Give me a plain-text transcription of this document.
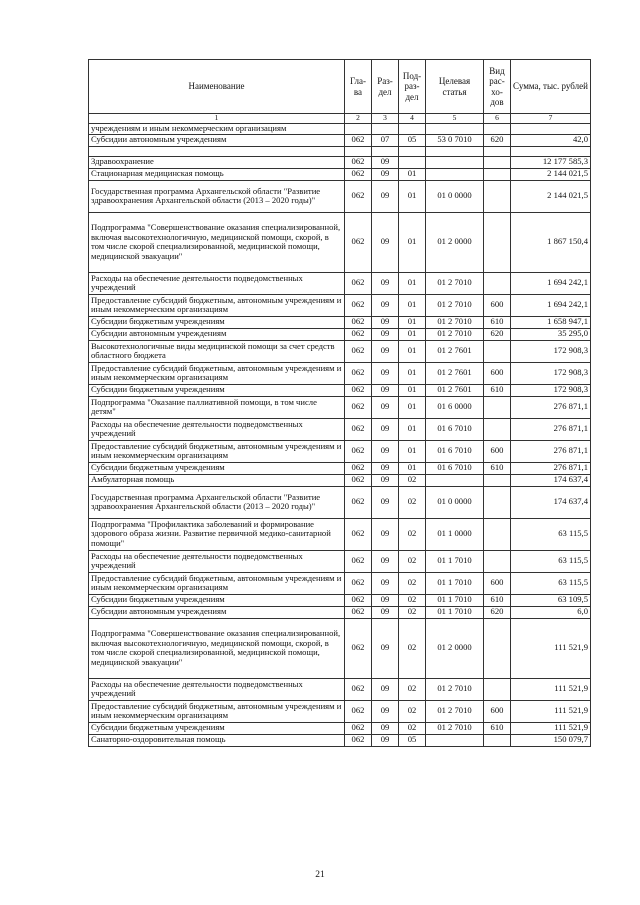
Наименование	Гла-ва	Раз-дел	Под-раз-дел	Целевая статья	Вид рас-хо-дов	Сумма, тыс. рублей
1	2	3	4	5	6	7
учреждениям и иным некоммерческим организациям						
Субсидии автономным учреждениям	062	07	05	53 0 7010	620	42,0

Здравоохранение	062	09				12 177 585,3
Стационарная медицинская помощь	062	09	01			2 144 021,5
Государственная программа Архангельской области "Развитие здравоохранения Архангельской области (2013 – 2020 годы)"	062	09	01	01 0 0000		2 144 021,5
Подпрограмма "Совершенствование оказания специализированной, включая высокотехнологичную, медицинской помощи, скорой, в том числе скорой специализированной, медицинской помощи, медицинской эвакуации"	062	09	01	01 2 0000		1 867 150,4
Расходы на обеспечение деятельности подведомственных учреждений	062	09	01	01 2 7010		1 694 242,1
Предоставление субсидий бюджетным, автономным учреждениям и иным некоммерческим организациям	062	09	01	01 2 7010	600	1 694 242,1
Субсидии бюджетным учреждениям	062	09	01	01 2 7010	610	1 658 947,1
Субсидии автономным учреждениям	062	09	01	01 2 7010	620	35 295,0
Высокотехнологичные виды медицинской помощи за счет средств областного бюджета	062	09	01	01 2 7601		172 908,3
Предоставление субсидий бюджетным, автономным учреждениям и иным некоммерческим организациям	062	09	01	01 2 7601	600	172 908,3
Субсидии бюджетным учреждениям	062	09	01	01 2 7601	610	172 908,3
Подпрограмма "Оказание паллиативной помощи, в том числе детям"	062	09	01	01 6 0000		276 871,1
Расходы на обеспечение деятельности подведомственных учреждений	062	09	01	01 6 7010		276 871,1
Предоставление субсидий бюджетным, автономным учреждениям и иным некоммерческим организациям	062	09	01	01 6 7010	600	276 871,1
Субсидии бюджетным учреждениям	062	09	01	01 6 7010	610	276 871,1
Амбулаторная помощь	062	09	02			174 637,4
Государственная программа Архангельской области "Развитие здравоохранения Архангельской области (2013 – 2020 годы)"	062	09	02	01 0 0000		174 637,4
Подпрограмма "Профилактика заболеваний и формирование здорового образа жизни. Развитие первичной медико-санитарной помощи"	062	09	02	01 1 0000		63 115,5
Расходы на обеспечение деятельности подведомственных учреждений	062	09	02	01 1 7010		63 115,5
Предоставление субсидий бюджетным, автономным учреждениям и иным некоммерческим организациям	062	09	02	01 1 7010	600	63 115,5
Субсидии бюджетным учреждениям	062	09	02	01 1 7010	610	63 109,5
Субсидии автономным учреждениям	062	09	02	01 1 7010	620	6,0
Подпрограмма "Совершенствование оказания специализированной, включая высокотехнологичную, медицинской помощи, скорой, в том числе скорой специализированной, медицинской помощи, медицинской эвакуации"	062	09	02	01 2 0000		111 521,9
Расходы на обеспечение деятельности подведомственных учреждений	062	09	02	01 2 7010		111 521,9
Предоставление субсидий бюджетным, автономным учреждениям и иным некоммерческим организациям	062	09	02	01 2 7010	600	111 521,9
Субсидии бюджетным учреждениям	062	09	02	01 2 7010	610	111 521,9
Санаторно-оздоровительная помощь	062	09	05			150 079,7
21
